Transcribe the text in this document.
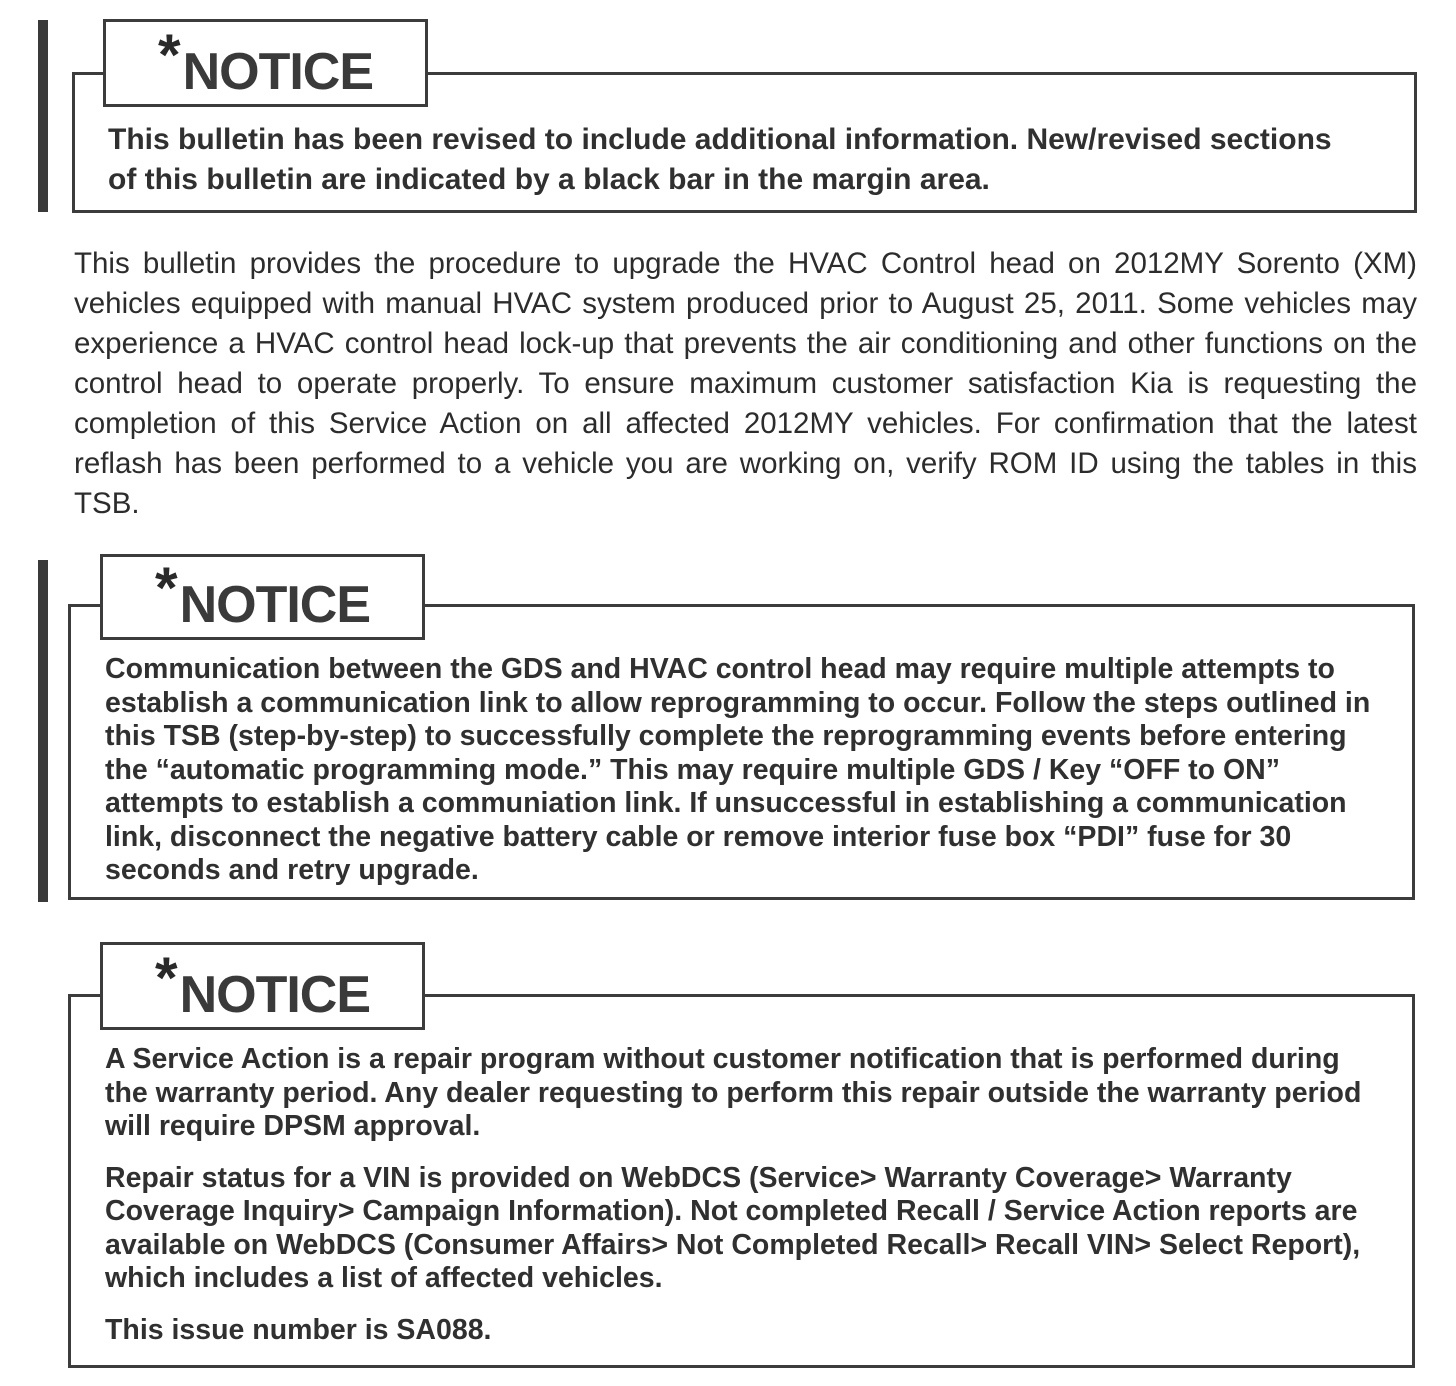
* NOTICE

This bulletin has been revised to include additional information. New/revised sections of this bulletin are indicated by a black bar in the margin area.

This bulletin provides the procedure to upgrade the HVAC Control head on 2012MY Sorento (XM) vehicles equipped with manual HVAC system produced prior to August 25, 2011. Some vehicles may experience a HVAC control head lock-up that prevents the air conditioning and other functions on the control head to operate properly. To ensure maximum customer satisfaction Kia is requesting the completion of this Service Action on all affected 2012MY vehicles. For confirmation that the latest reflash has been performed to a vehicle you are working on, verify ROM ID using the tables in this TSB.

* NOTICE

Communication between the GDS and HVAC control head may require multiple attempts to establish a communication link to allow reprogramming to occur. Follow the steps outlined in this TSB (step-by-step) to successfully complete the reprogramming events before entering the “automatic programming mode.” This may require multiple GDS / Key “OFF to ON” attempts to establish a communiation link. If unsuccessful in establishing a communication link, disconnect the negative battery cable or remove interior fuse box “PDI” fuse for 30 seconds and retry upgrade.

* NOTICE

A Service Action is a repair program without customer notification that is performed during the warranty period. Any dealer requesting to perform this repair outside the warranty period will require DPSM approval.

Repair status for a VIN is provided on WebDCS (Service> Warranty Coverage> Warranty Coverage Inquiry> Campaign Information). Not completed Recall / Service Action reports are available on WebDCS (Consumer Affairs> Not Completed Recall> Recall VIN> Select Report), which includes a list of affected vehicles.

This issue number is SA088.
